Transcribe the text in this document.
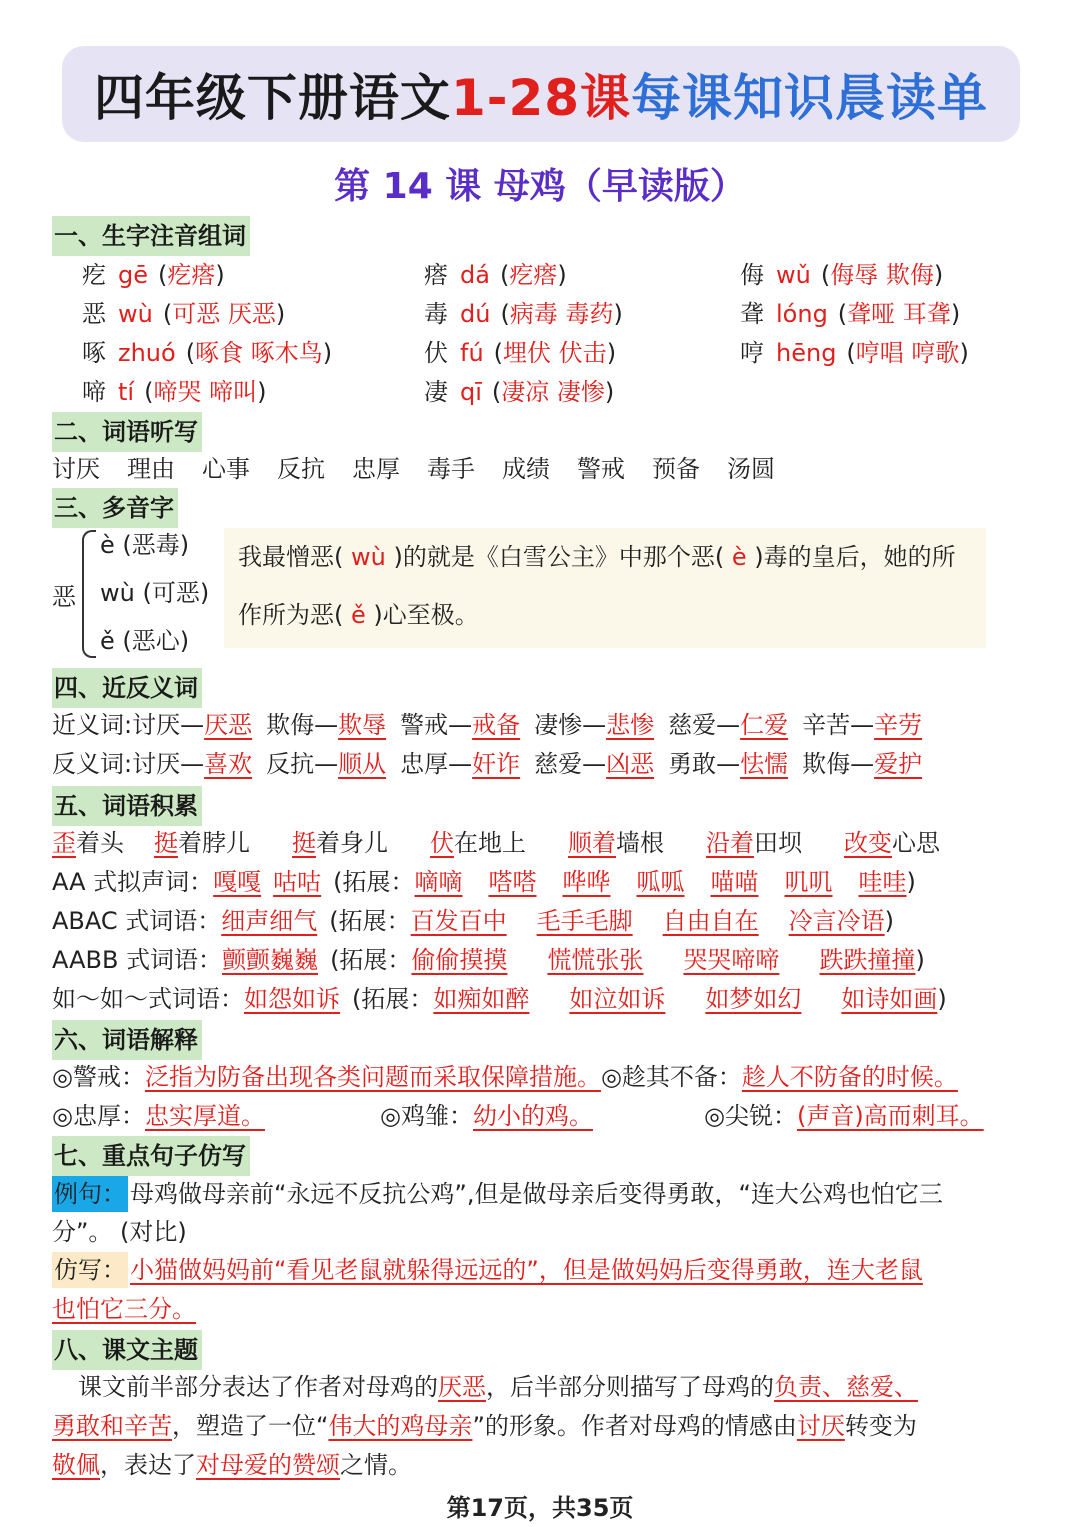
四年级下册语文 1-28课 每课知识晨读单
第 14 课 母鸡（早读版）
一、生字注音组词
疙 gē (疙瘩)	瘩 dá (疙瘩)	侮 wǔ (侮辱 欺侮)
恶 wù (可恶 厌恶)	毒 dú (病毒 毒药)	聋 lóng (聋哑 耳聋)
啄 zhuó (啄食 啄木鸟)	伏 fú (埋伏 伏击)	哼 hēng (哼唱 哼歌)
啼 tí (啼哭 啼叫)	凄 qī (凄凉 凄惨)
二、词语听写
讨厌 理由 心事 反抗 忠厚 毒手 成绩 警戒 预备 汤圆
三、多音字
恶
è (恶毒)
wù (可恶)
ě (恶心)
我最憎恶( wù )的就是《白雪公主》中那个恶( è )毒的皇后，她的所
作所为恶( ě )心至极。
四、近反义词
近义词:讨厌—厌恶 欺侮—欺辱 警戒—戒备 凄惨—悲惨 慈爱—仁爱 辛苦—辛劳
反义词:讨厌—喜欢 反抗—顺从 忠厚—奸诈 慈爱—凶恶 勇敢—怯懦 欺侮—爱护
五、词语积累
歪着头 挺着脖儿 挺着身儿 伏在地上 顺着墙根 沿着田坝 改变心思
AA 式拟声词：嘎嘎 咕咕 (拓展：嘀嘀 嗒嗒 哗哗 呱呱 喵喵 叽叽 哇哇)
ABAC 式词语：细声细气 (拓展：百发百中 毛手毛脚 自由自在 冷言冷语)
AABB 式词语：颤颤巍巍 (拓展：偷偷摸摸 慌慌张张 哭哭啼啼 跌跌撞撞)
如～如～式词语：如怨如诉 (拓展：如痴如醉 如泣如诉 如梦如幻 如诗如画)
六、词语解释
◎警戒：泛指为防备出现各类问题而采取保障措施。◎趁其不备：趁人不防备的时候。
◎忠厚：忠实厚道。	◎鸡雏：幼小的鸡。	◎尖锐：(声音)高而刺耳。
七、重点句子仿写
例句： 母鸡做母亲前“永远不反抗公鸡”,但是做母亲后变得勇敢，“连大公鸡也怕它三
分”。 (对比)
仿写： 小猫做妈妈前“看见老鼠就躲得远远的”，但是做妈妈后变得勇敢，连大老鼠
也怕它三分。
八、课文主题
课文前半部分表达了作者对母鸡的厌恶，后半部分则描写了母鸡的负责、慈爱、
勇敢和辛苦，塑造了一位“伟大的鸡母亲”的形象。作者对母鸡的情感由讨厌转变为
敬佩，表达了对母爱的赞颂之情。
第17页，共35页
